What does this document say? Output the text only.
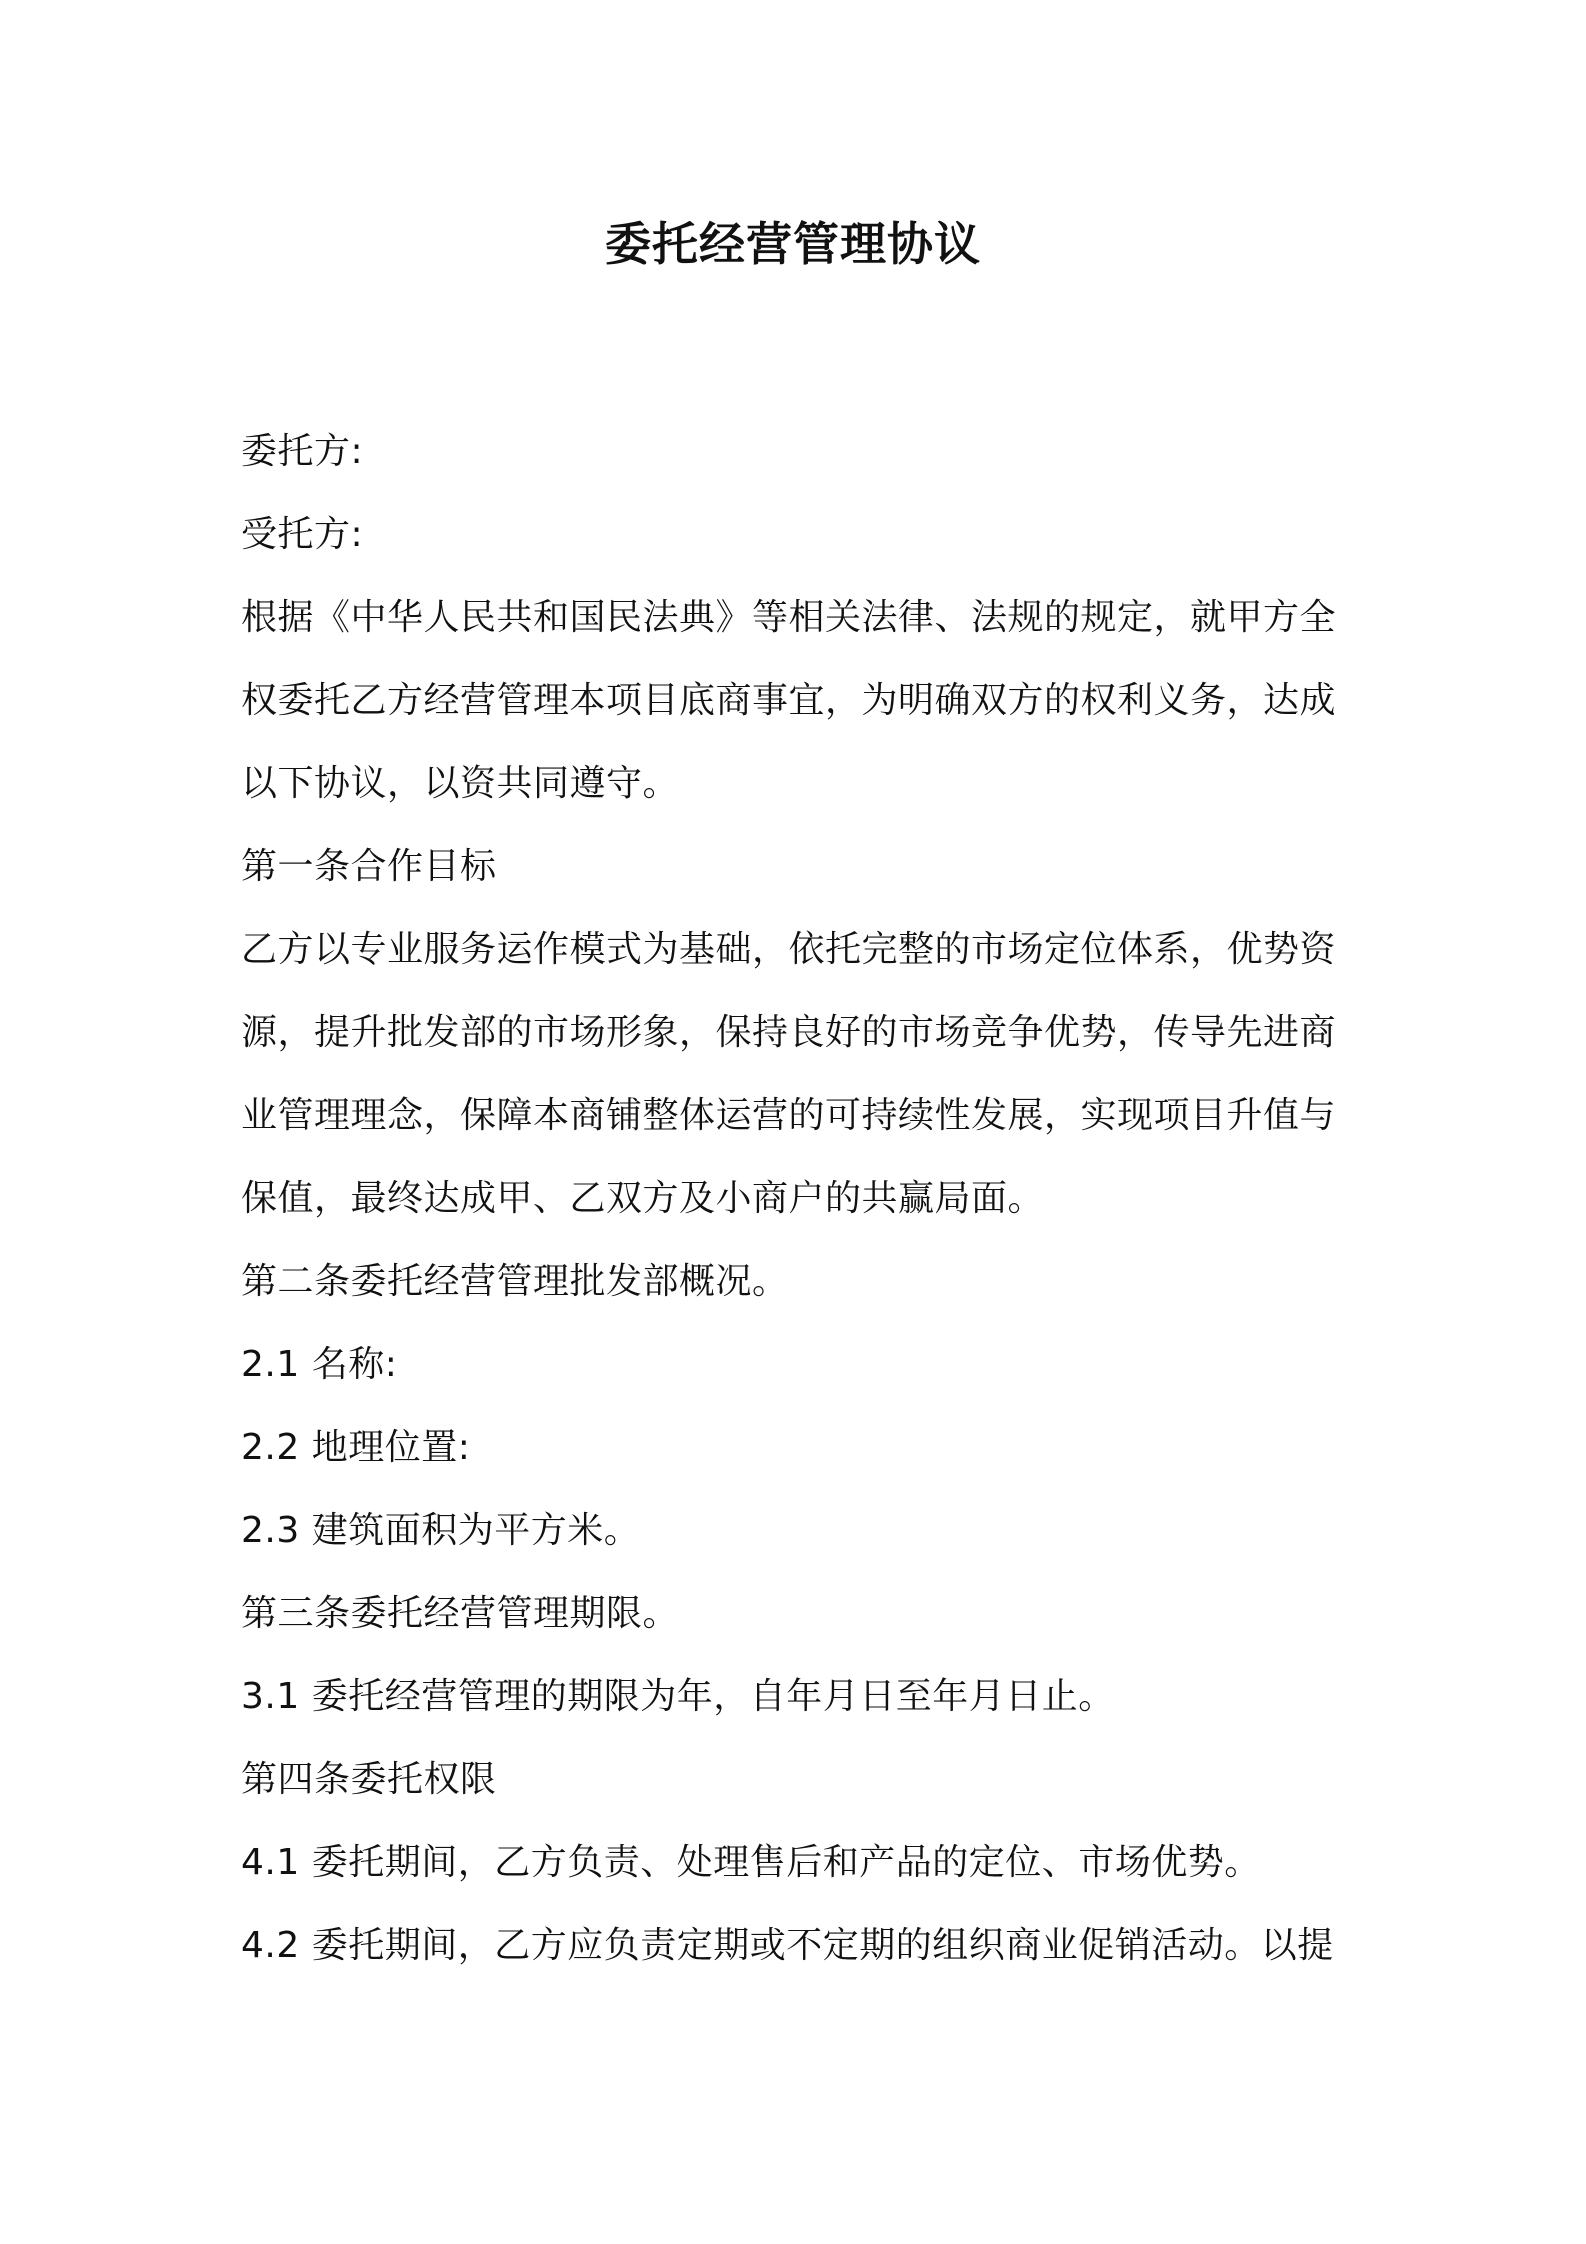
委托经营管理协议
委托方:
受托方:
根据《中华人民共和国民法典》等相关法律、法规的规定，就甲方全
权委托乙方经营管理本项目底商事宜，为明确双方的权利义务，达成
以下协议，以资共同遵守。
第一条合作目标
乙方以专业服务运作模式为基础，依托完整的市场定位体系，优势资
源，提升批发部的市场形象，保持良好的市场竞争优势，传导先进商
业管理理念，保障本商铺整体运营的可持续性发展，实现项目升值与
保值，最终达成甲、乙双方及小商户的共赢局面。
第二条委托经营管理批发部概况。
2.1 名称:
2.2 地理位置:
2.3 建筑面积为平方米。
第三条委托经营管理期限。
3.1 委托经营管理的期限为年，自年月日至年月日止。
第四条委托权限
4.1 委托期间，乙方负责、处理售后和产品的定位、市场优势。
4.2 委托期间，乙方应负责定期或不定期的组织商业促销活动。以提
